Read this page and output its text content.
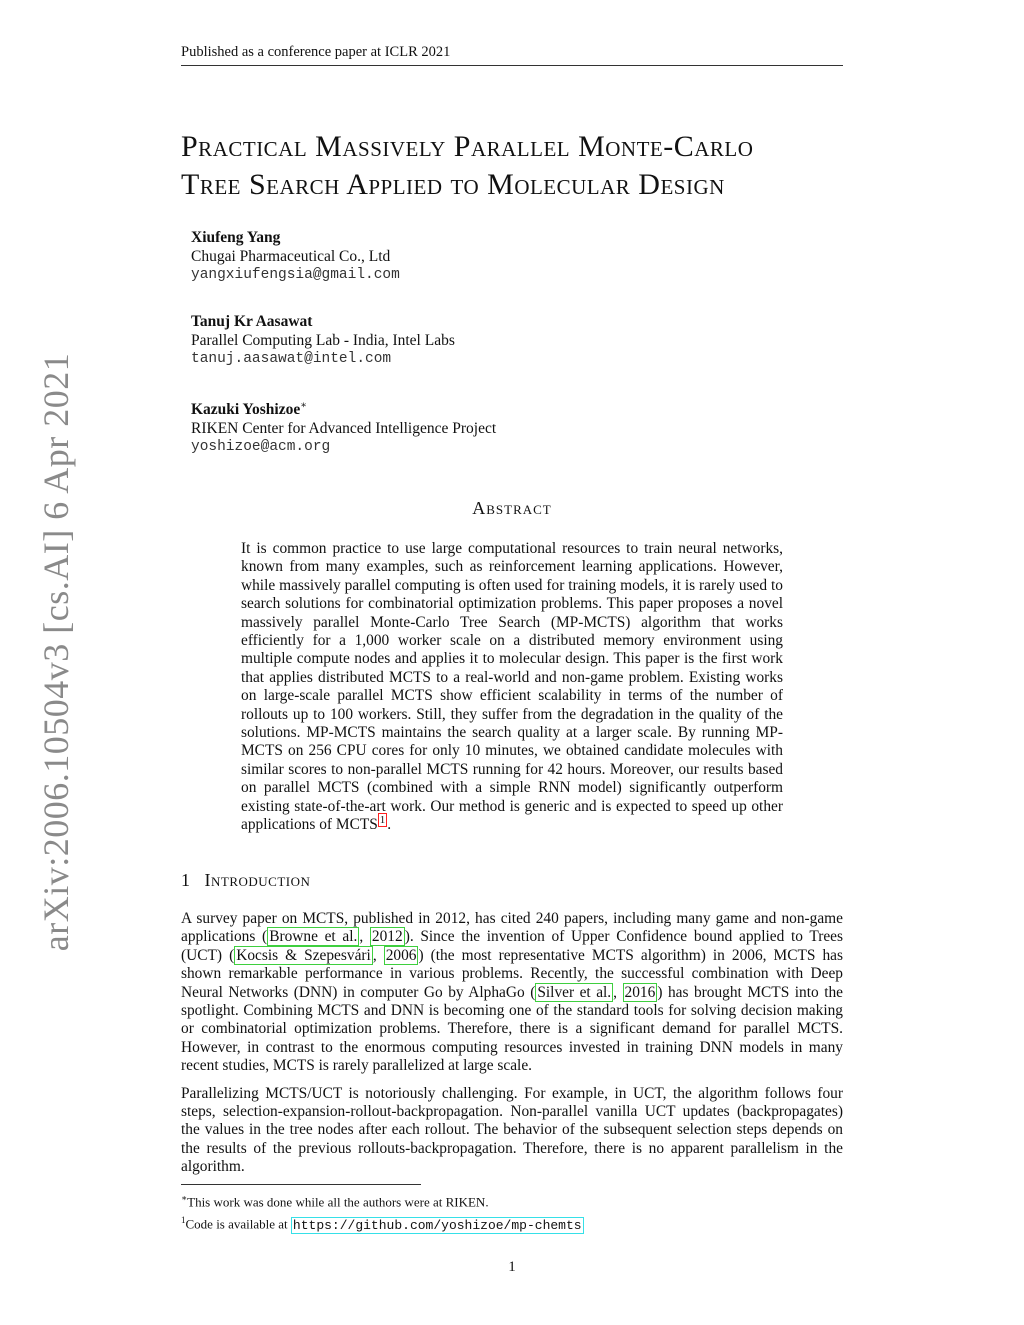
Published as a conference paper at ICLR 2021
arXiv:2006.10504v3 [cs.AI] 6 Apr 2021
Practical Massively Parallel Monte-Carlo
Tree Search Applied to Molecular Design
Xiufeng Yang
Chugai Pharmaceutical Co., Ltd
yangxiufengsia@gmail.com
Tanuj Kr Aasawat
Parallel Computing Lab - India, Intel Labs
tanuj.aasawat@intel.com
Kazuki Yoshizoe∗
RIKEN Center for Advanced Intelligence Project
yoshizoe@acm.org
Abstract
It is common practice to use large computational resources to train neural networks, known from many examples, such as reinforcement learning applications. However, while massively parallel computing is often used for training models, it is rarely used to search solutions for combinatorial optimization problems. This paper proposes a novel massively parallel Monte-Carlo Tree Search (MP-MCTS) algorithm that works efficiently for a 1,000 worker scale on a distributed memory environment using multiple compute nodes and applies it to molecular design. This paper is the first work that applies distributed MCTS to a real-world and non-game problem. Existing works on large-scale parallel MCTS show efficient scalability in terms of the number of rollouts up to 100 workers. Still, they suffer from the degradation in the quality of the solutions. MP-MCTS maintains the search quality at a larger scale. By running MP-MCTS on 256 CPU cores for only 10 minutes, we obtained candidate molecules with similar scores to non-parallel MCTS running for 42 hours. Moreover, our results based on parallel MCTS (combined with a simple RNN model) significantly outperform existing state-of-the-art work. Our method is generic and is expected to speed up other applications of MCTS $^1$ .
1 Introduction

A survey paper on MCTS, published in 2012, has cited 240 papers, including many game and non-game applications ( Browne et al. , 2012 ). Since the invention of Upper Confidence bound applied to Trees (UCT) ( Kocsis & Szepesvári , 2006 ) (the most representative MCTS algorithm) in 2006, MCTS has shown remarkable performance in various problems. Recently, the successful combination with Deep Neural Networks (DNN) in computer Go by AlphaGo ( Silver et al. , 2016 ) has brought MCTS into the spotlight. Combining MCTS and DNN is becoming one of the standard tools for solving decision making or combinatorial optimization problems. Therefore, there is a significant demand for parallel MCTS. However, in contrast to the enormous computing resources invested in training DNN models in many recent studies, MCTS is rarely parallelized at large scale.

Parallelizing MCTS/UCT is notoriously challenging. For example, in UCT, the algorithm follows four steps, selection-expansion-rollout-backpropagation. Non-parallel vanilla UCT updates (backpropagates) the values in the tree nodes after each rollout. The behavior of the subsequent selection steps depends on the results of the previous rollouts-backpropagation. Therefore, there is no apparent parallelism in the algorithm.

∗This work was done while all the authors were at RIKEN.
$^1$Code is available at https://github.com/yoshizoe/mp-chemts
1
